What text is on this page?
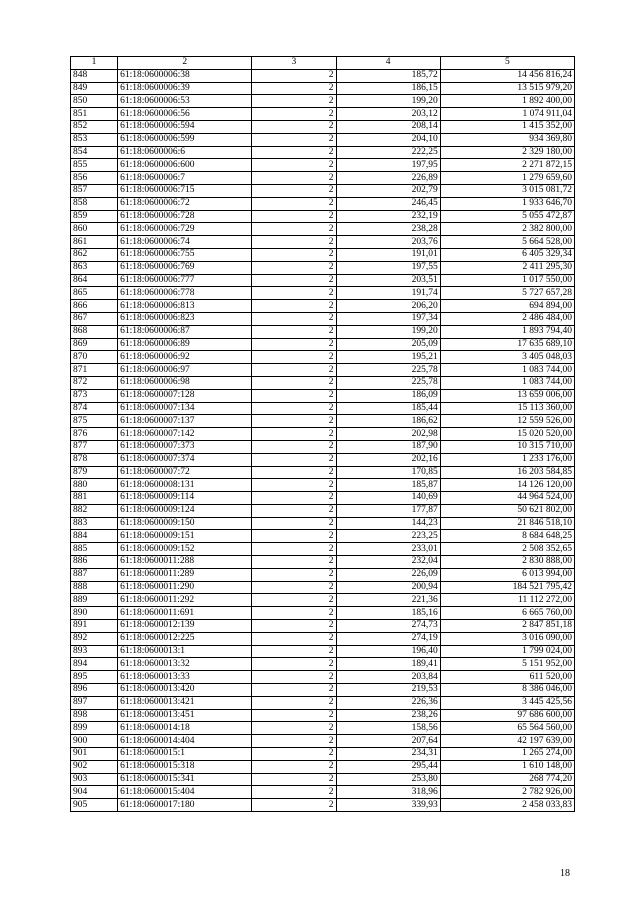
1	2	3	4	5
848	61:18:0600006:38	2	185,72	14 456 816,24
849	61:18:0600006:39	2	186,15	13 515 979,20
850	61:18:0600006:53	2	199,20	1 892 400,00
851	61:18:0600006:56	2	203,12	1 074 911,04
852	61:18:0600006:594	2	208,14	1 415 352,00
853	61:18:0600006:599	2	204,10	934 369,80
854	61:18:0600006:6	2	222,25	2 329 180,00
855	61:18:0600006:600	2	197,95	2 271 872,15
856	61:18:0600006:7	2	226,89	1 279 659,60
857	61:18:0600006:715	2	202,79	3 015 081,72
858	61:18:0600006:72	2	246,45	1 933 646,70
859	61:18:0600006:728	2	232,19	5 055 472,87
860	61:18:0600006:729	2	238,28	2 382 800,00
861	61:18:0600006:74	2	203,76	5 664 528,00
862	61:18:0600006:755	2	191,01	6 405 329,34
863	61:18:0600006:769	2	197,55	2 411 295,30
864	61:18:0600006:777	2	203,51	1 017 550,00
865	61:18:0600006:778	2	191,74	5 727 657,28
866	61:18:0600006:813	2	206,20	694 894,00
867	61:18:0600006:823	2	197,34	2 486 484,00
868	61:18:0600006:87	2	199,20	1 893 794,40
869	61:18:0600006:89	2	205,09	17 635 689,10
870	61:18:0600006:92	2	195,21	3 405 048,03
871	61:18:0600006:97	2	225,78	1 083 744,00
872	61:18:0600006:98	2	225,78	1 083 744,00
873	61:18:0600007:128	2	186,09	13 659 006,00
874	61:18:0600007:134	2	185,44	15 113 360,00
875	61:18:0600007:137	2	186,62	12 559 526,00
876	61:18:0600007:142	2	202,98	15 020 520,00
877	61:18:0600007:373	2	187,90	10 315 710,00
878	61:18:0600007:374	2	202,16	1 233 176,00
879	61:18:0600007:72	2	170,85	16 203 584,85
880	61:18:0600008:131	2	185,87	14 126 120,00
881	61:18:0600009:114	2	140,69	44 964 524,00
882	61:18:0600009:124	2	177,87	50 621 802,00
883	61:18:0600009:150	2	144,23	21 846 518,10
884	61:18:0600009:151	2	223,25	8 684 648,25
885	61:18:0600009:152	2	233,01	2 508 352,65
886	61:18:0600011:288	2	232,04	2 830 888,00
887	61:18:0600011:289	2	226,09	6 013 994,00
888	61:18:0600011:290	2	200,94	184 521 795,42
889	61:18:0600011:292	2	221,36	11 112 272,00
890	61:18:0600011:691	2	185,16	6 665 760,00
891	61:18:0600012:139	2	274,73	2 847 851,18
892	61:18:0600012:225	2	274,19	3 016 090,00
893	61:18:0600013:1	2	196,40	1 799 024,00
894	61:18:0600013:32	2	189,41	5 151 952,00
895	61:18:0600013:33	2	203,84	611 520,00
896	61:18:0600013:420	2	219,53	8 386 046,00
897	61:18:0600013:421	2	226,36	3 445 425,56
898	61:18:0600013:451	2	238,26	97 686 600,00
899	61:18:0600014:18	2	158,56	65 564 560,00
900	61:18:0600014:404	2	207,64	42 197 639,00
901	61:18:0600015:1	2	234,31	1 265 274,00
902	61:18:0600015:318	2	295,44	1 610 148,00
903	61:18:0600015:341	2	253,80	268 774,20
904	61:18:0600015:404	2	318,96	2 782 926,00
905	61:18:0600017:180	2	339,93	2 458 033,83
18
